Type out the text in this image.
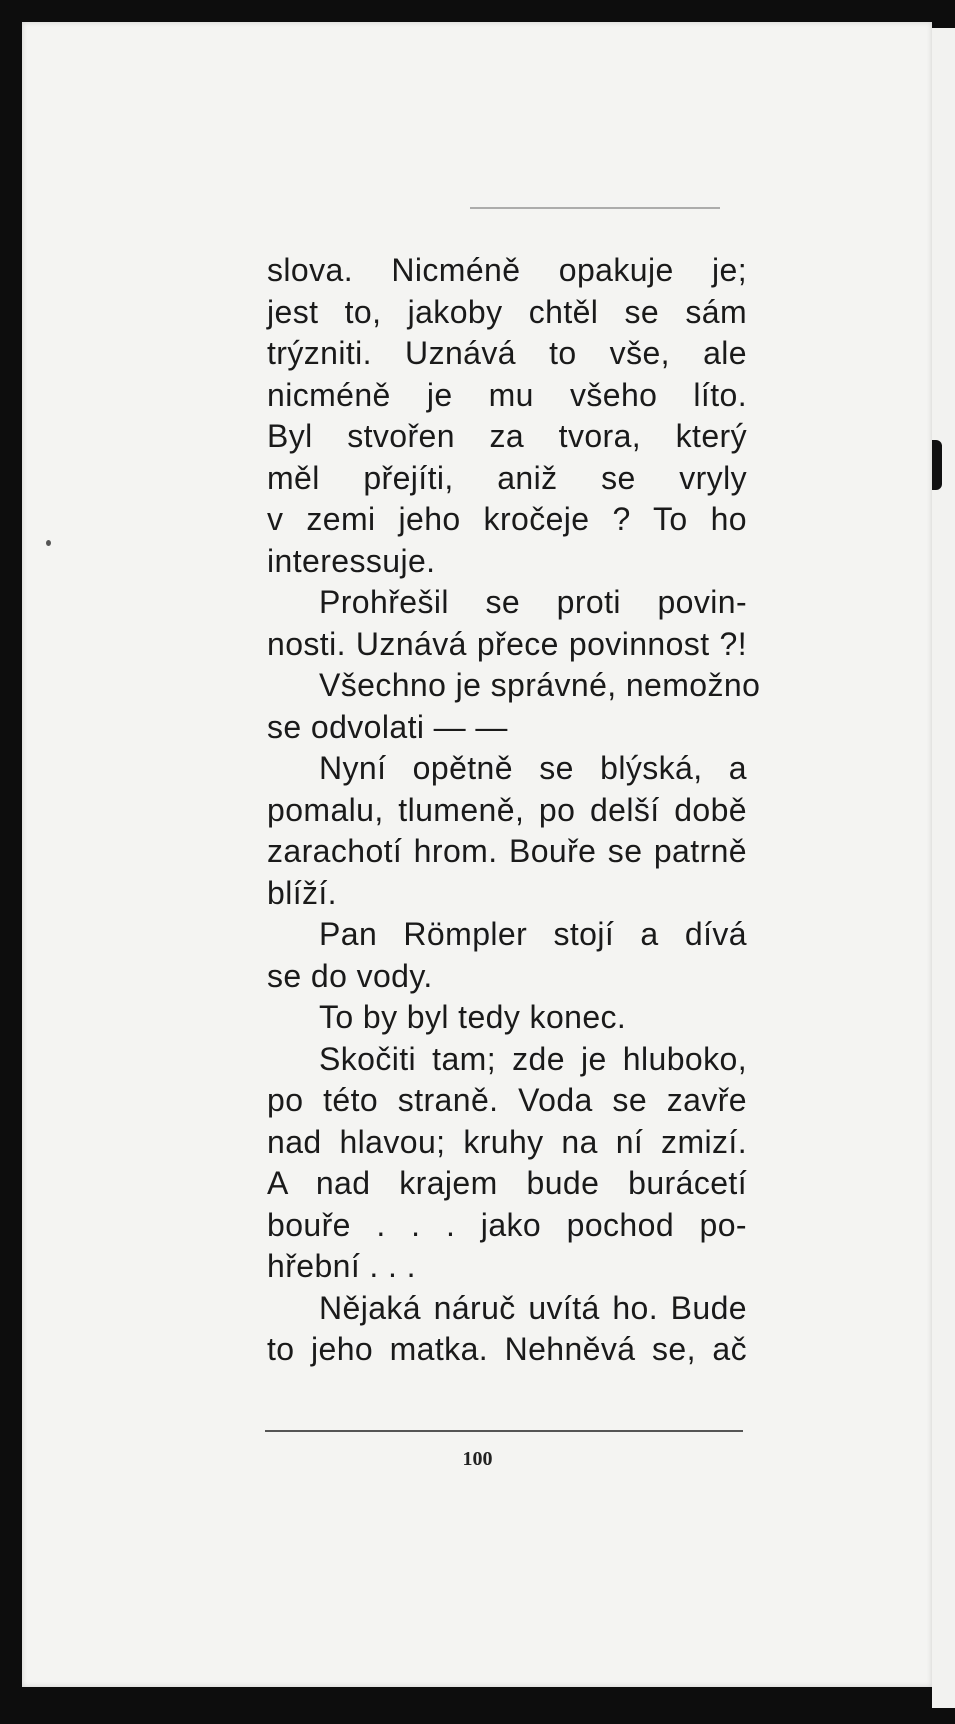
slova. Nicméně opakuje je;
jest to, jakoby chtěl se sám
trýzniti. Uznává to vše, ale
nicméně je mu všeho líto.
Byl stvořen za tvora, který
měl přejíti, aniž se vryly
v zemi jeho kročeje ? To ho
interessuje.
Prohřešil se proti povin-
nosti. Uznává přece povinnost ?!
Všechno je správné, nemožno
se odvolati — —
Nyní opětně se blýská, a
pomalu, tlumeně, po delší době
zarachotí hrom. Bouře se patrně
blíží.
Pan Römpler stojí a dívá
se do vody.
To by byl tedy konec.
Skočiti tam; zde je hluboko,
po této straně. Voda se zavře
nad hlavou; kruhy na ní zmizí.
A nad krajem bude burácetí
bouře . . . jako pochod po-
hřební . . .
Nějaká náruč uvítá ho. Bude
to jeho matka. Nehněvá se, ač
100
